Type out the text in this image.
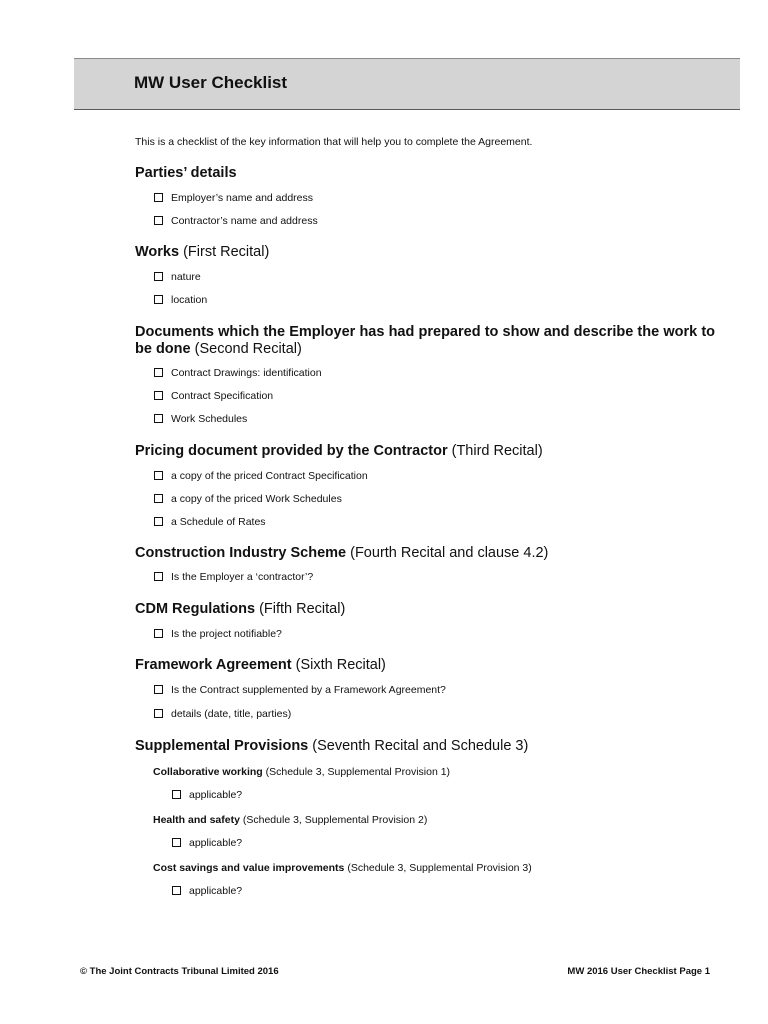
MW User Checklist

This is a checklist of the key information that will help you to complete the Agreement.

Parties’ details

Employer’s name and address
Contractor’s name and address

Works (First Recital)

nature
location

Documents which the Employer has had prepared to show and describe the work to be done (Second Recital)

Contract Drawings: identification
Contract Specification
Work Schedules

Pricing document provided by the Contractor (Third Recital)

a copy of the priced Contract Specification
a copy of the priced Work Schedules
a Schedule of Rates

Construction Industry Scheme (Fourth Recital and clause 4.2)

Is the Employer a ‘contractor’?

CDM Regulations (Fifth Recital)

Is the project notifiable?

Framework Agreement (Sixth Recital)

Is the Contract supplemented by a Framework Agreement?
details (date, title, parties)

Supplemental Provisions (Seventh Recital and Schedule 3)

Collaborative working (Schedule 3, Supplemental Provision 1)

applicable?

Health and safety (Schedule 3, Supplemental Provision 2)

applicable?

Cost savings and value improvements (Schedule 3, Supplemental Provision 3)

applicable?

© The Joint Contracts Tribunal Limited 2016	MW 2016 User Checklist Page 1
